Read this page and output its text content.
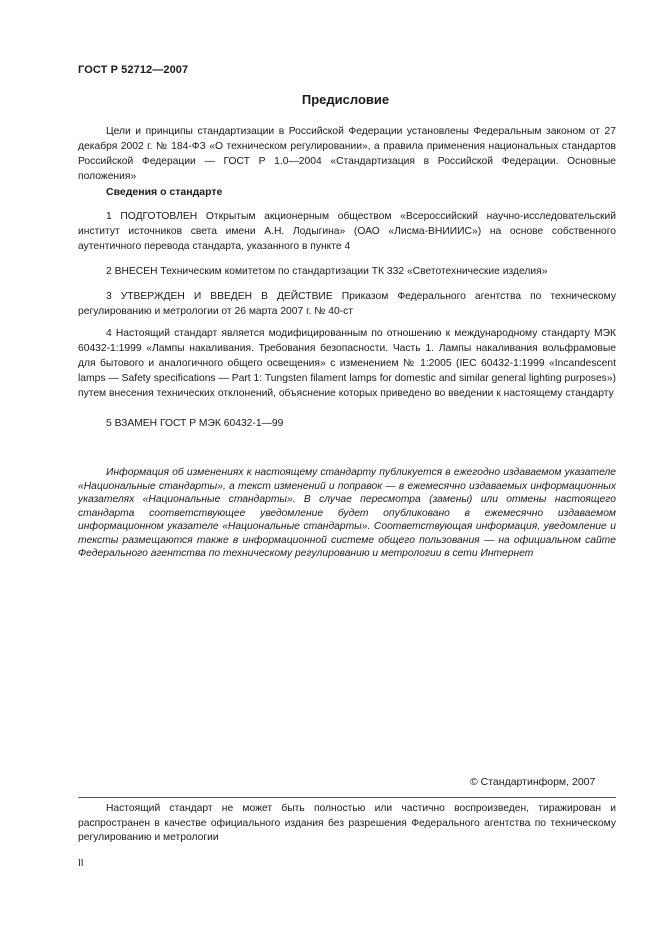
ГОСТ Р 52712—2007
Предисловие

Цели и принципы стандартизации в Российской Федерации установлены Федеральным законом от 27 декабря 2002 г. № 184-ФЗ «О техническом регулировании», а правила применения национальных стандартов Российской Федерации — ГОСТ Р 1.0—2004 «Стандартизация в Российской Федерации. Основные положения»

Сведения о стандарте

1 ПОДГОТОВЛЕН Открытым акционерным обществом «Всероссийский научно-исследовательский институт источников света имени А.Н. Лодыгина» (ОАО «Лисма-ВНИИИС») на основе собственного аутентичного перевода стандарта, указанного в пункте 4

2 ВНЕСЕН Техническим комитетом по стандартизации ТК 332 «Светотехнические изделия»

3 УТВЕРЖДЕН И ВВЕДЕН В ДЕЙСТВИЕ Приказом Федерального агентства по техническому регулированию и метрологии от 26 марта 2007 г. № 40-ст

4 Настоящий стандарт является модифицированным по отношению к международному стандарту МЭК 60432-1:1999 «Лампы накаливания. Требования безопасности. Часть 1. Лампы накаливания вольфрамовые для бытового и аналогичного общего освещения» с изменением № 1:2005 (IEC 60432-1:1999 «Incandescent lamps — Safety specifications — Part 1: Tungsten filament lamps for domestic and similar general lighting purposes») путем внесения технических отклонений, объяснение которых приведено во введении к настоящему стандарту

5 ВЗАМЕН ГОСТ Р МЭК 60432-1—99

Информация об изменениях к настоящему стандарту публикуется в ежегодно издаваемом указателе «Национальные стандарты», а текст изменений и поправок — в ежемесячно издаваемых информационных указателях «Национальные стандарты». В случае пересмотра (замены) или отмены настоящего стандарта соответствующее уведомление будет опубликовано в ежемесячно издаваемом информационном указателе «Национальные стандарты». Соответствующая информация, уведомление и тексты размещаются также в информационной системе общего пользования — на официальном сайте Федерального агентства по техническому регулированию и метрологии в сети Интернет

© Стандартинформ, 2007

Настоящий стандарт не может быть полностью или частично воспроизведен, тиражирован и распространен в качестве официального издания без разрешения Федерального агентства по техническому регулированию и метрологии

II
